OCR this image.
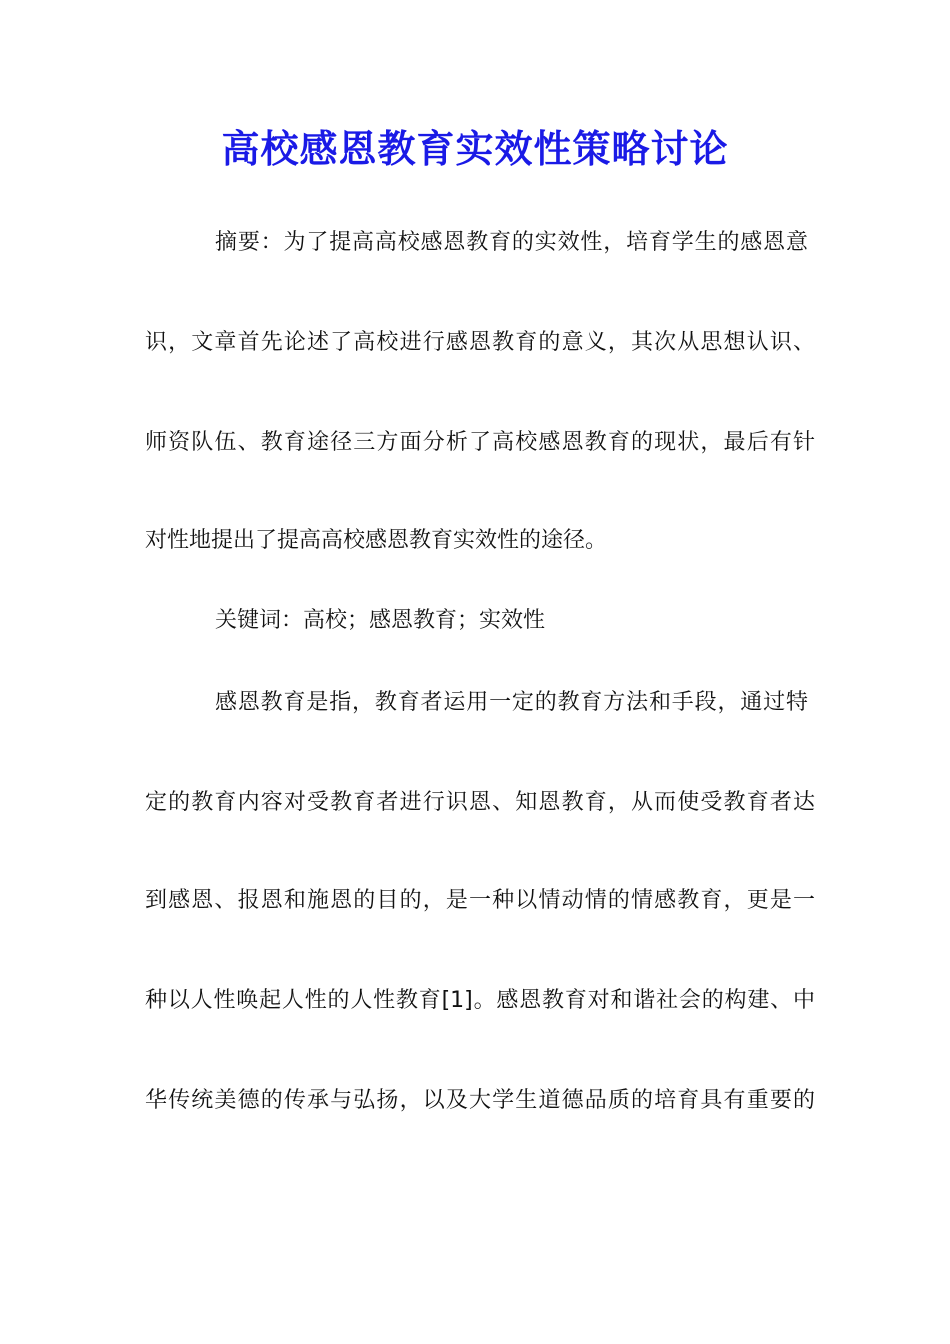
高校感恩教育实效性策略讨论
摘要：为了提高高校感恩教育的实效性，培育学生的感恩意
识，文章首先论述了高校进行感恩教育的意义，其次从思想认识、
师资队伍、教育途径三方面分析了高校感恩教育的现状，最后有针
对性地提出了提高高校感恩教育实效性的途径。
关键词：高校；感恩教育；实效性
感恩教育是指，教育者运用一定的教育方法和手段，通过特
定的教育内容对受教育者进行识恩、知恩教育，从而使受教育者达
到感恩、报恩和施恩的目的，是一种以情动情的情感教育，更是一
种以人性唤起人性的人性教育[1]。感恩教育对和谐社会的构建、中
华传统美德的传承与弘扬，以及大学生道德品质的培育具有重要的
